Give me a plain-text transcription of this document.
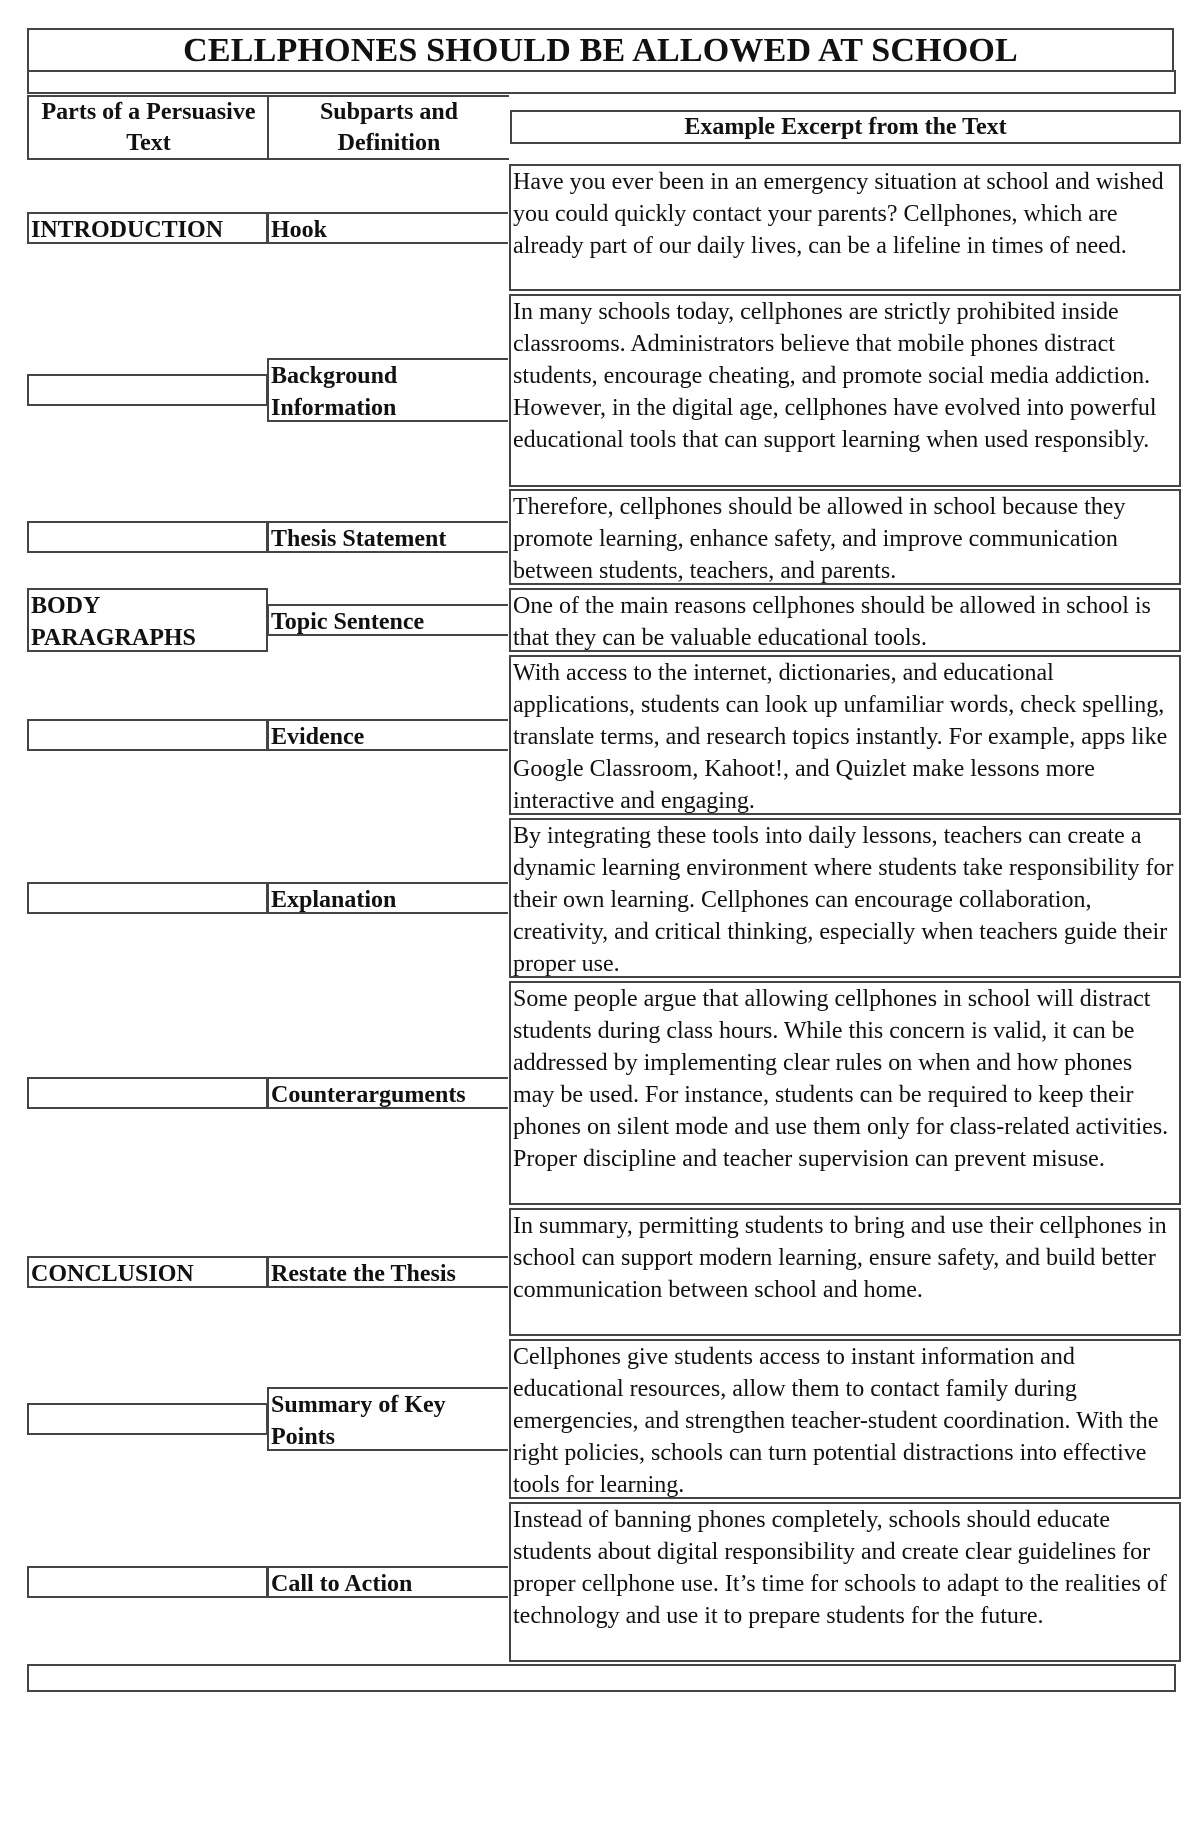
CELLPHONES SHOULD BE ALLOWED AT SCHOOL
Parts of a Persuasive Text
Subparts and Definition
Example Excerpt from the Text
Have you ever been in an emergency situation at school and wished you could quickly contact your parents? Cellphones, which are already part of our daily lives, can be a lifeline in times of need.
INTRODUCTION	Hook
In many schools today, cellphones are strictly prohibited inside classrooms. Administrators believe that mobile phones distract students, encourage cheating, and promote social media addiction. However, in the digital age, cellphones have evolved into powerful educational tools that can support learning when used responsibly.
Background Information
Therefore, cellphones should be allowed in school because they promote learning, enhance safety, and improve communication between students, teachers, and parents.
Thesis Statement
One of the main reasons cellphones should be allowed in school is that they can be valuable educational tools.
BODY PARAGRAPHS
Topic Sentence
With access to the internet, dictionaries, and educational applications, students can look up unfamiliar words, check spelling, translate terms, and research topics instantly. For example, apps like Google Classroom, Kahoot!, and Quizlet make lessons more interactive and engaging.
Evidence
By integrating these tools into daily lessons, teachers can create a dynamic learning environment where students take responsibility for their own learning. Cellphones can encourage collaboration, creativity, and critical thinking, especially when teachers guide their proper use.
Explanation
Some people argue that allowing cellphones in school will distract students during class hours. While this concern is valid, it can be addressed by implementing clear rules on when and how phones may be used. For instance, students can be required to keep their phones on silent mode and use them only for class-related activities. Proper discipline and teacher supervision can prevent misuse.
Counterarguments
In summary, permitting students to bring and use their cellphones in school can support modern learning, ensure safety, and build better communication between school and home.
CONCLUSION	Restate the Thesis
Cellphones give students access to instant information and educational resources, allow them to contact family during emergencies, and strengthen teacher-student coordination. With the right policies, schools can turn potential distractions into effective tools for learning.
Summary of Key Points
Instead of banning phones completely, schools should educate students about digital responsibility and create clear guidelines for proper cellphone use. It’s time for schools to adapt to the realities of technology and use it to prepare students for the future.
Call to Action
